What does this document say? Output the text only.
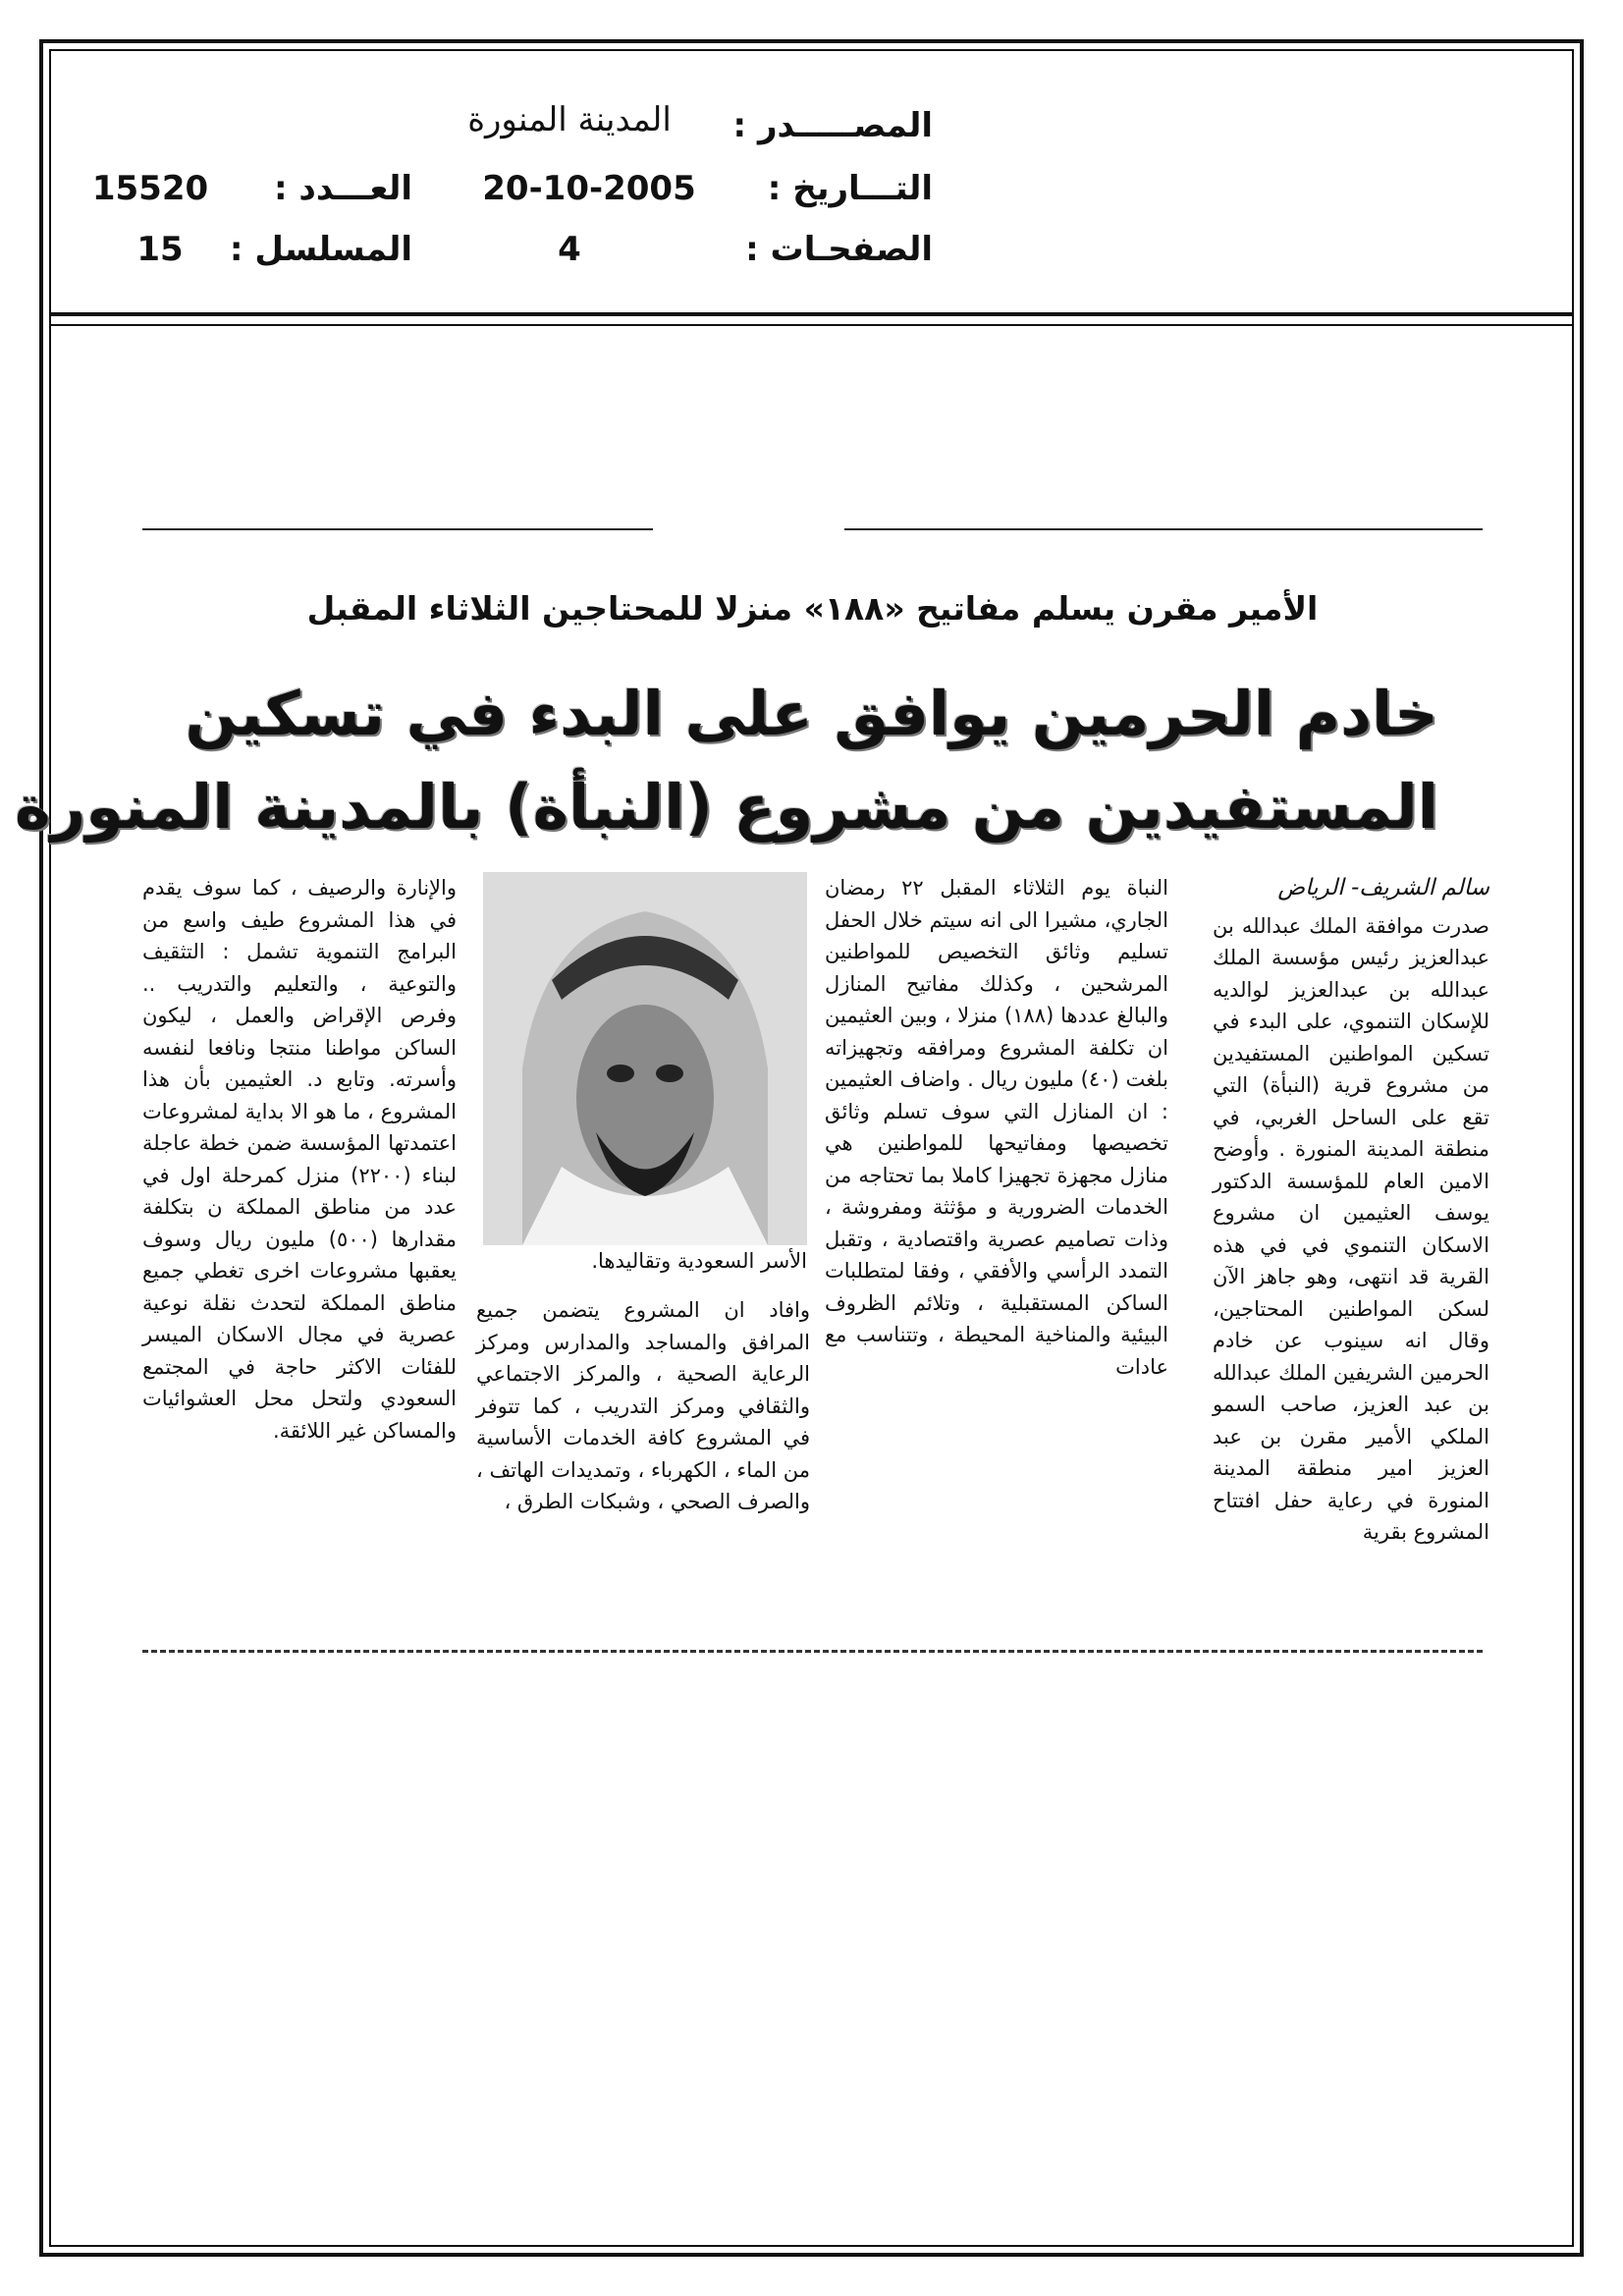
المصـــــدر :
المدينة المنورة
التـــاريخ :
20-10-2005
العـــدد :
15520
الصفحـات :
4
المسلسل :
15
الأمير مقرن يسلم مفاتيح «١٨٨» منزلا للمحتاجين الثلاثاء المقبل
خادم الحرمين يوافق على البدء في تسكين
المستفيدين من مشروع (النبأة) بالمدينة المنورة

سالم الشريف- الرياض

صدرت موافقة الملك عبدالله بن عبدالعزيز رئيس مؤسسة الملك عبدالله بن عبدالعزيز لوالديه للإسكان التنموي، على البدء في تسكين المواطنين المستفيدين من مشروع قرية (النبأة) التي تقع على الساحل الغربي، في منطقة المدينة المنورة . وأوضح الامين العام للمؤسسة الدكتور يوسف العثيمين ان مشروع الاسكان التنموي في في هذه القرية قد انتهى، وهو جاهز الآن لسكن المواطنين المحتاجين، وقال انه سينوب عن خادم الحرمين الشريفين الملك عبدالله بن عبد العزيز، صاحب السمو الملكي الأمير مقرن بن عبد العزيز امير منطقة المدينة المنورة في رعاية حفل افتتاح المشروع بقرية

النباة يوم الثلاثاء المقبل ٢٢ رمضان الجاري، مشيرا الى انه سيتم خلال الحفل تسليم وثائق التخصيص للمواطنين المرشحين ، وكذلك مفاتيح المنازل والبالغ عددها (١٨٨) منزلا ، وبين العثيمين ان تكلفة المشروع ومرافقه وتجهيزاته بلغت (٤٠) مليون ريال . واضاف العثيمين : ان المنازل التي سوف تسلم وثائق تخصيصها ومفاتيحها للمواطنين هي منازل مجهزة تجهيزا كاملا بما تحتاجه من الخدمات الضرورية و مؤثثة ومفروشة ، وذات تصاميم عصرية واقتصادية ، وتقبل التمدد الرأسي والأفقي ، وفقا لمتطلبات الساكن المستقبلية ، وتلائم الظروف البيئية والمناخية المحيطة ، وتتناسب مع عادات

الأسر السعودية وتقاليدها.

وافاد ان المشروع يتضمن جميع المرافق والمساجد والمدارس ومركز الرعاية الصحية ، والمركز الاجتماعي والثقافي ومركز التدريب ، كما تتوفر في المشروع كافة الخدمات الأساسية من الماء ، الكهرباء ، وتمديدات الهاتف ، والصرف الصحي ، وشبكات الطرق ،

والإنارة والرصيف ، كما سوف يقدم في هذا المشروع طيف واسع من البرامج التنموية تشمل : التثقيف والتوعية ، والتعليم والتدريب .. وفرص الإقراض والعمل ، ليكون الساكن مواطنا منتجا ونافعا لنفسه وأسرته. وتابع د. العثيمين بأن هذا المشروع ، ما هو الا بداية لمشروعات اعتمدتها المؤسسة ضمن خطة عاجلة لبناء (٢٢٠٠) منزل كمرحلة اول في عدد من مناطق المملكة ن بتكلفة مقدارها (٥٠٠) مليون ريال وسوف يعقبها مشروعات اخرى تغطي جميع مناطق المملكة لتحدث نقلة نوعية عصرية في مجال الاسكان الميسر للفئات الاكثر حاجة في المجتمع السعودي ولتحل محل العشوائيات والمساكن غير اللائقة.
